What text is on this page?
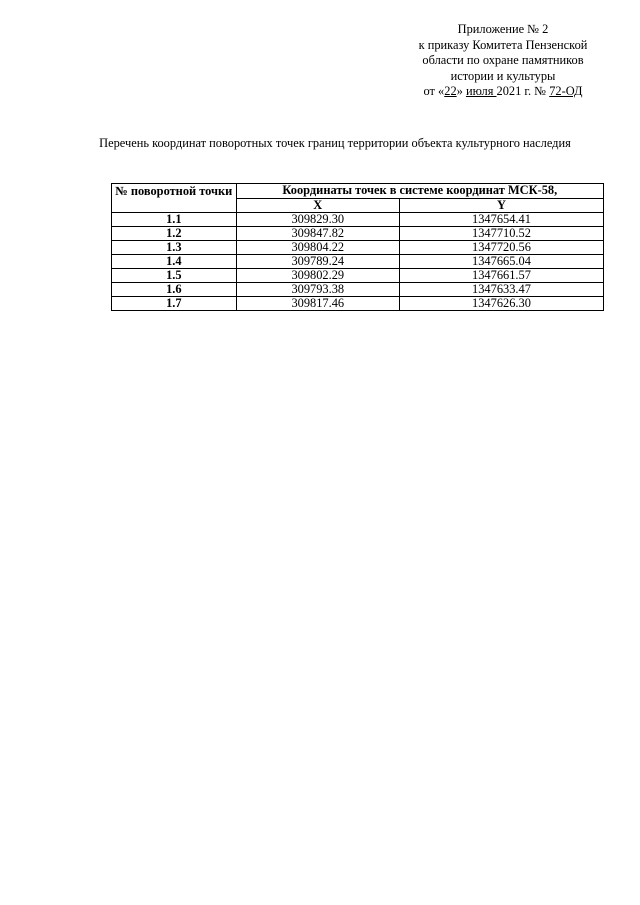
Приложение № 2
к приказу Комитета Пензенской
области по охране памятников
истории и культуры
от «22» июля 2021 г. № 72-ОД
Перечень координат поворотных точек границ территории объекта культурного наследия
№ поворотной точки	Координаты точек в системе координат МСК-58,	
	X	Y
1.1	309829.30	1347654.41
1.2	309847.82	1347710.52
1.3	309804.22	1347720.56
1.4	309789.24	1347665.04
1.5	309802.29	1347661.57
1.6	309793.38	1347633.47
1.7	309817.46	1347626.30
